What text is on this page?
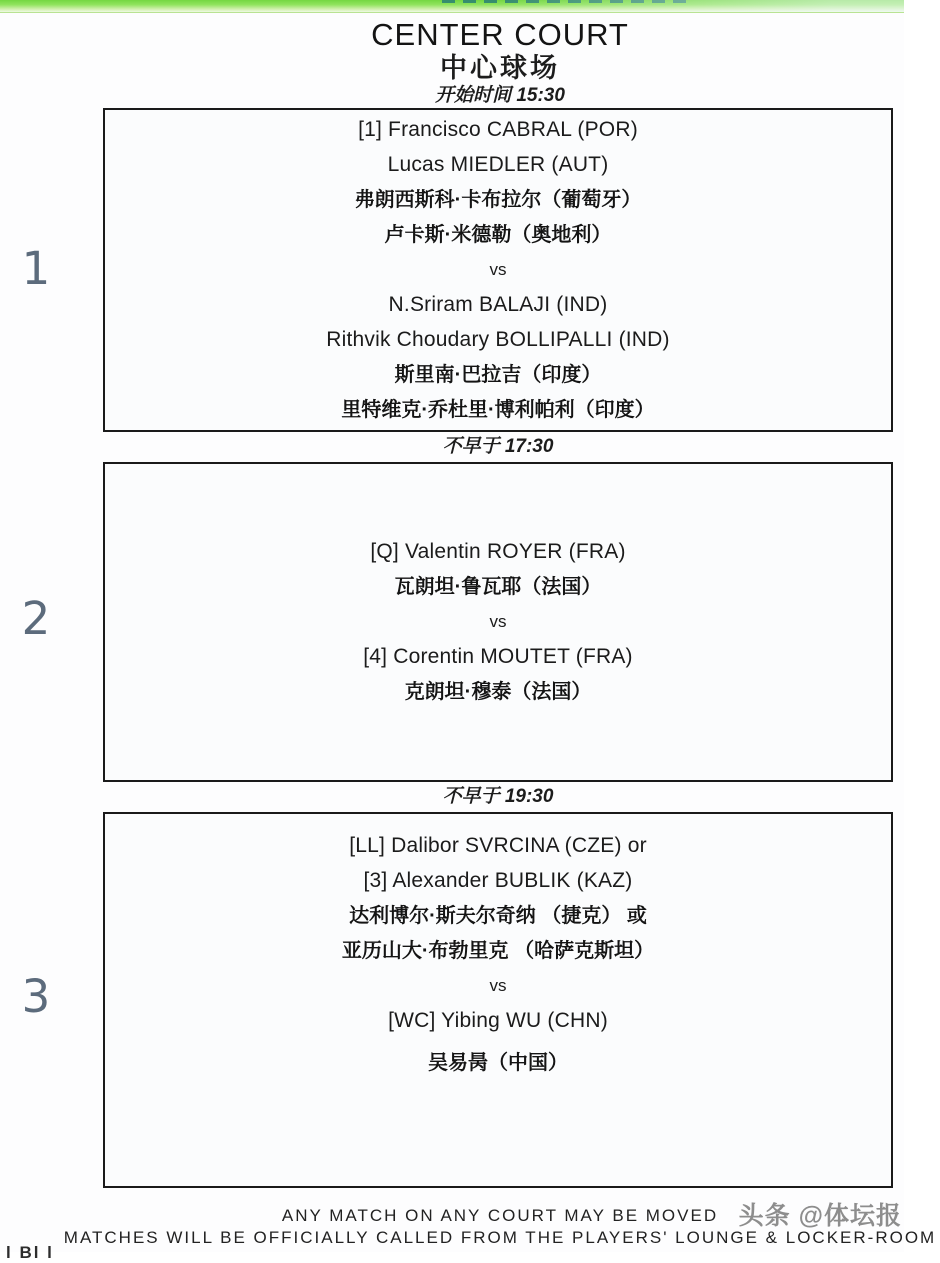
CENTER COURT
中心球场
开始时间 15:30
1
[1] Francisco CABRAL (POR)
Lucas MIEDLER (AUT)
弗朗西斯科·卡布拉尔（葡萄牙）
卢卡斯·米德勒（奥地利）
vs
N.Sriram BALAJI (IND)
Rithvik Choudary BOLLIPALLI (IND)
斯里南·巴拉吉（印度）
里特维克·乔杜里·博利帕利（印度）
不早于 17:30
2
[Q] Valentin ROYER (FRA)
瓦朗坦·鲁瓦耶（法国）
vs
[4] Corentin MOUTET (FRA)
克朗坦·穆泰（法国）
不早于 19:30
3
[LL] Dalibor SVRCINA (CZE) or
[3] Alexander BUBLIK (KAZ)
达利博尔·斯夫尔奇纳 （捷克） 或
亚历山大·布勃里克 （哈萨克斯坦）
vs
[WC] Yibing WU (CHN)
吴易昺（中国）
ANY MATCH ON ANY COURT MAY BE MOVED
MATCHES WILL BE OFFICIALLY CALLED FROM THE PLAYERS' LOUNGE & LOCKER-ROOM
头条 @体坛报
l Bl l
